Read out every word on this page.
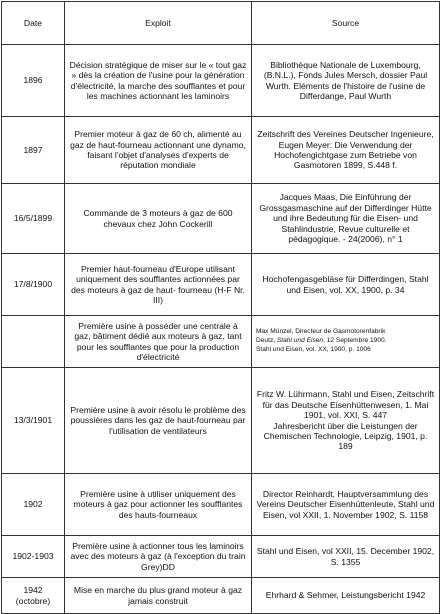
Date	Exploit	Source
1896	Décision stratégique de miser sur le « tout gaz » dès la création de l'usine pour la génération d'électricité, la marche des soufflantes et pour les machines actionnant les laminoirs	Bibliothèque Nationale de Luxembourg, (B.N.L.), Fonds Jules Mersch, dossier Paul Wurth. Eléments de l'histoire de l'usine de Differdange, Paul Wurth
1897	Premier moteur à gaz de 60 ch, alimenté au gaz de haut-fourneau actionnant une dynamo, faisant l'objet d'analyses d'experts de réputation mondiale	Zeitschrift des Vereines Deutscher Ingenieure, Eugen Meyer: Die Verwendung der Hochofengichtgase zum Betriebe von Gasmotoren 1899, S.448 f.
16/5/1899	Commande de 3 moteurs à gaz de 600 chevaux chez John Cockerill	Jacques Maas, Die Einführung der Grossgasmaschine auf der Differdinger Hütte und ihre Bedeutung für die Eisen- und Stahlindustrie, Revue culturelle et pédagogique. - 24(2006), n° 1
17/8/1900	Premier haut-fourneau d'Europe utilisant uniquement des soufflantes actionnées par des moteurs à gaz de haut- fourneau (H-F Nr. III)	Hochofengasgebläse für Differdingen, Stahl und Eisen, vol. XX, 1900, p. 34
	Première usine à posséder une centrale à gaz, bâtiment dédié aux moteurs à gaz, tant pour les soufflantes que pour la production d'électricité	Max Münzel, Directeur de Gasmotorenfabrik
Deutz, Stahl und Eisen, 12 Septembre 1900.
Stahl und Eisen, vol. XX, 1900, p. 1006

13/3/1901	Première usine à avoir résolu le problème des poussières dans les gaz de haut-fourneau par l'utilisation de ventilateurs	Fritz W. Lührmann, Stahl und Eisen, Zeitschrift für das Deutsche Eisenhüttenwesen, 1. Mai 1901, vol. XXI, S. 447
Jahresbericht über die Leistungen der Chemischen Technologie, Leipzig, 1901, p. 189

1902	Première usine à utiliser uniquement des moteurs à gaz pour actionner les soufflantes des hauts-fourneaux	Director Reinhardt, Hauptversammlung des Vereins Deutscher Eisenhüttenleute, Stahl und Eisen, vol XXII, 1. November 1902, S. 1158
1902-1903	Première usine à actionner tous les laminoirs avec des moteurs à gaz (à l'exception du train Grey)DD	Stahl und Eisen, vol XXII, 15. December 1902, S. 1355

1942
(octobre)	Mise en marche du plus grand moteur à gaz jamais construit	Ehrhard & Sehmer, Leistungsbericht 1942
